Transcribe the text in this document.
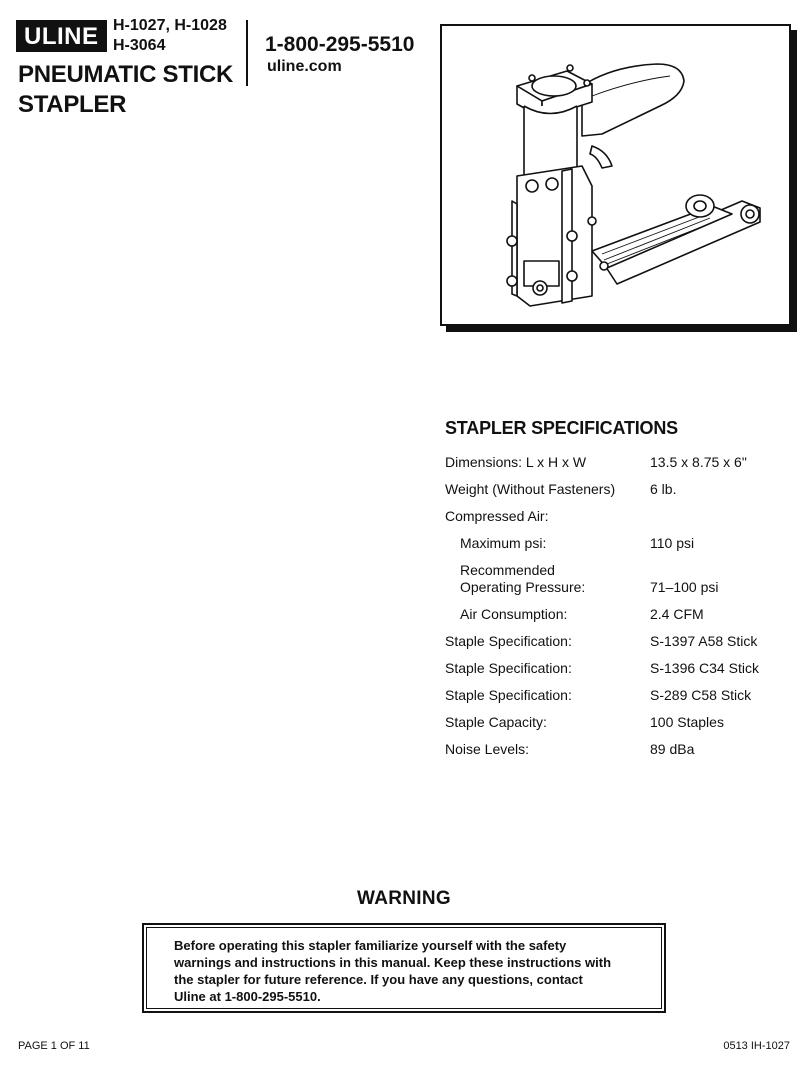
ULINE H-1027, H-1028
H-3064
PNEUMATIC STICK
STAPLER
1-800-295-5510
uline.com
STAPLER SPECIFICATIONS
Dimensions: L x H x W	13.5 x 8.75 x 6"
Weight (Without Fasteners)	6 lb.
Compressed Air:
Maximum psi:	110 psi
Recommended
Operating Pressure:	71–100 psi
Air Consumption:	2.4 CFM
Staple Specification:	S-1397 A58 Stick
Staple Specification:	S-1396 C34 Stick
Staple Specification:	S-289 C58 Stick
Staple Capacity:	100 Staples
Noise Levels:	89 dBa
WARNING
Before operating this stapler familiarize yourself with the safety
warnings and instructions in this manual. Keep these instructions with
the stapler for future reference. If you have any questions, contact
Uline at 1-800-295-5510.
PAGE 1 OF 11	0513 IH-1027
